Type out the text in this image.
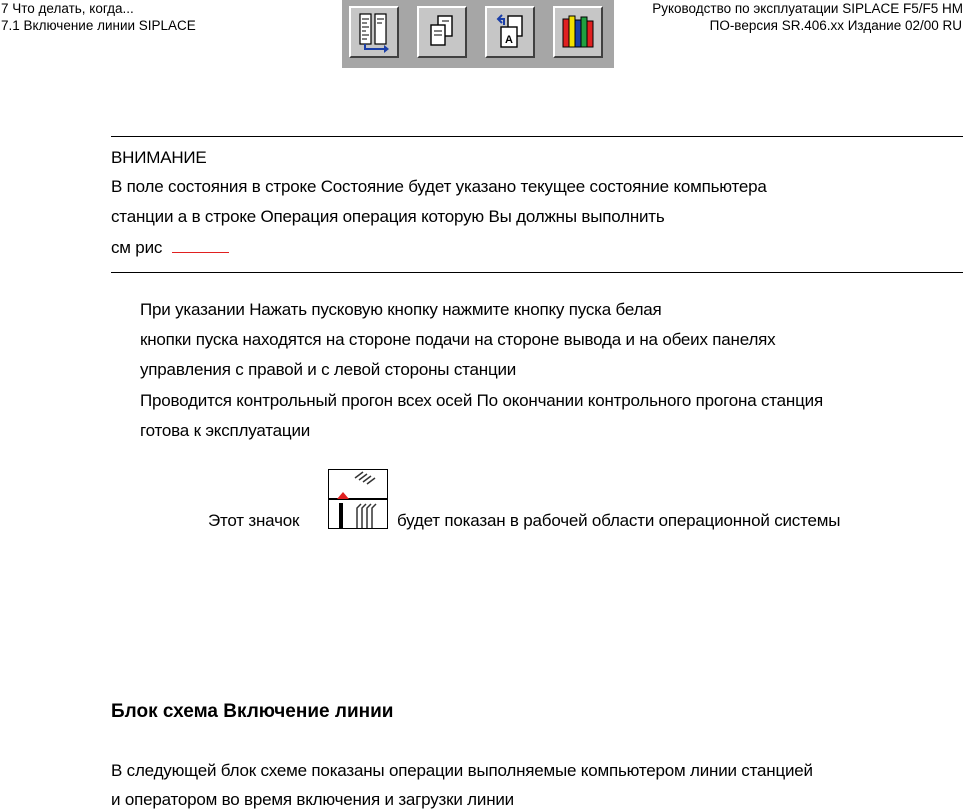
7 Что делать, когда...
7.1 Включение линии SIPLACE
Руководство по эксплуатации SIPLACE F5/F5 HM
ПО-версия SR.406.xx Издание 02/00 RU
A
ВНИМАНИЕ
В поле состояния в строке Состояние будет указано текущее состояние компьютера
станции а в строке Операция операция которую Вы должны выполнить
см рис
При указании Нажать пусковую кнопку нажмите кнопку пуска белая
кнопки пуска находятся на стороне подачи на стороне вывода и на обеих панелях
управления с правой и с левой стороны станции
Проводится контрольный прогон всех осей По окончании контрольного прогона станция
готова к эксплуатации
Этот значок	будет показан в рабочей области операционной системы
Блок схема Включение линии
В следующей блок схеме показаны операции выполняемые компьютером линии станцией
и оператором во время включения и загрузки линии
